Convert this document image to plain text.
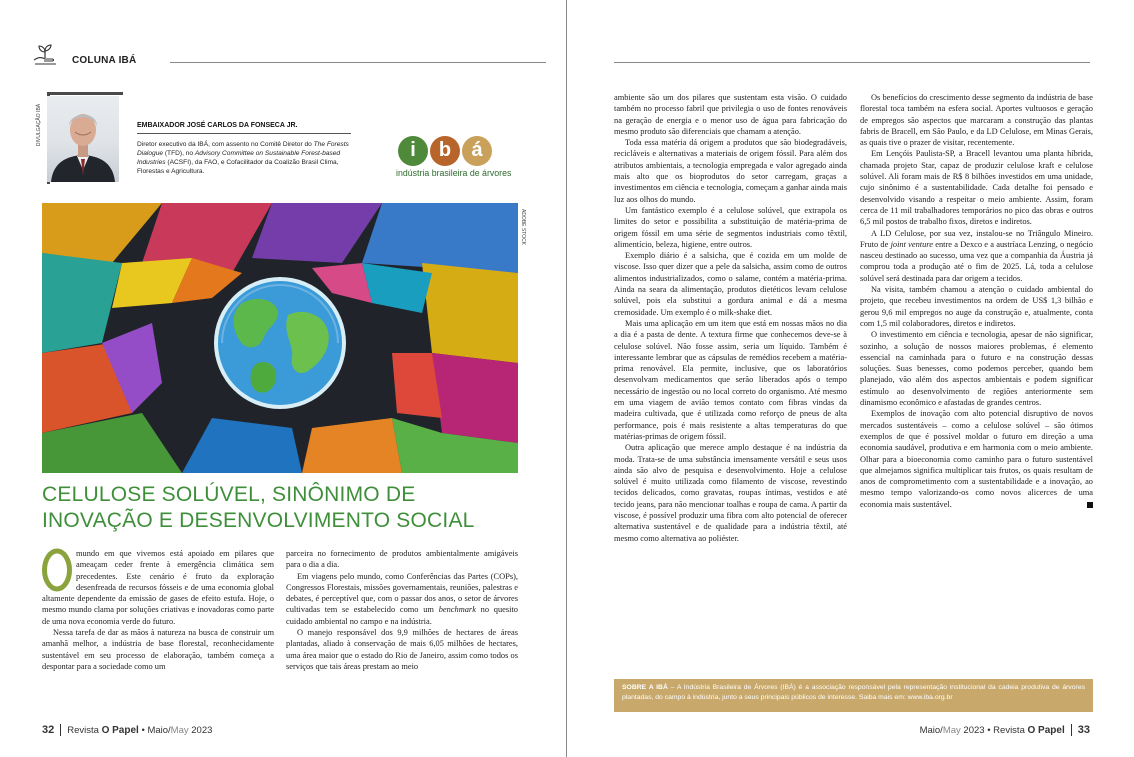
COLUNA IBÁ
DIVULGAÇÃO IBÁ	EMBAIXADOR JOSÉ CARLOS DA FONSECA JR.
Diretor executivo da IBÁ, com assento no Comitê Diretor do The Forests Dialogue (TFD), no Advisory Committee on Sustainable Forest-based Industries (ACSFI), da FAO, e Cofacilitador da Coalizão Brasil Clima, Florestas e Agricultura.
i	b	á
indústria brasileira de árvores
ADOBE STOCK
CELULOSE SOLÚVEL, SINÔNIMO DE INOVAÇÃO E DESENVOLVIMENTO SOCIAL

mundo em que vivemos está apoiado em pilares que ameaçam ceder frente à emergência climática sem precedentes. Este cenário é fruto da exploração desenfreada de recursos fósseis e de uma economia global altamente dependente da emissão de gases de efeito estufa. Hoje, o mesmo mundo clama por soluções criativas e inovadoras como parte de uma nova economia verde do futuro.

Nessa tarefa de dar as mãos à natureza na busca de construir um amanhã melhor, a indústria de base florestal, reconhecidamente sustentável em seu processo de elaboração, também começa a despontar para a sociedade como um

parceira no fornecimento de produtos ambientalmente amigáveis para o dia a dia.

Em viagens pelo mundo, como Conferências das Partes (COPs), Congressos Florestais, missões governamentais, reuniões, palestras e debates, é perceptível que, com o passar dos anos, o setor de árvores cultivadas tem se estabelecido como um benchmark no quesito cuidado ambiental no campo e na indústria.

O manejo responsável dos 9,9 milhões de hectares de áreas plantadas, aliado à conservação de mais 6,05 milhões de hectares, uma área maior que o estado do Rio de Janeiro, assim como todos os serviços que tais áreas prestam ao meio

ambiente são um dos pilares que sustentam esta visão. O cuidado também no processo fabril que privilegia o uso de fontes renováveis na geração de energia e o menor uso de água para fabricação do mesmo produto são diferenciais que chamam a atenção.

Toda essa matéria dá origem a produtos que são biodegradáveis, recicláveis e alternativas a materiais de origem fóssil. Para além dos atributos ambientais, a tecnologia empregada e valor agregado ainda mais alto que os bioprodutos do setor carregam, graças a investimentos em ciência e tecnologia, começam a ganhar ainda mais luz aos olhos do mundo.

Um fantástico exemplo é a celulose solúvel, que extrapola os limites do setor e possibilita a substituição de matéria-prima de origem fóssil em uma série de segmentos industriais como têxtil, alimentício, beleza, higiene, entre outros.

Exemplo diário é a salsicha, que é cozida em um molde de viscose. Isso quer dizer que a pele da salsicha, assim como de outros alimentos industrializados, como o salame, contém a matéria-prima. Ainda na seara da alimentação, produtos dietéticos levam celulose solúvel, pois ela substitui a gordura animal e dá a mesma cremosidade. Um exemplo é o milk-shake diet.

Mais uma aplicação em um item que está em nossas mãos no dia a dia é a pasta de dente. A textura firme que conhecemos deve-se à celulose solúvel. Não fosse assim, seria um líquido. Também é interessante lembrar que as cápsulas de remédios recebem a matéria-prima renovável. Ela permite, inclusive, que os laboratórios desenvolvam medicamentos que serão liberados após o tempo necessário de ingestão ou no local correto do organismo. Até mesmo em uma viagem de avião temos contato com fibras vindas da madeira cultivada, que é utilizada como reforço de pneus de alta performance, pois é mais resistente a altas temperaturas do que matérias-primas de origem fóssil.

Outra aplicação que merece amplo destaque é na indústria da moda. Trata-se de uma substância imensamente versátil e seus usos ainda são alvo de pesquisa e desenvolvimento. Hoje a celulose solúvel é muito utilizada como filamento de viscose, revestindo tecidos delicados, como gravatas, roupas íntimas, vestidos e até tecido jeans, para não mencionar toalhas e roupa de cama. A partir da viscose, é possível produzir uma fibra com alto potencial de oferecer alternativa sustentável e de qualidade para a indústria têxtil, até mesmo como alternativa ao poliéster.

Os benefícios do crescimento desse segmento da indústria de base florestal toca também na esfera social. Aportes vultuosos e geração de empregos são aspectos que marcaram a construção das plantas fabris de Bracell, em São Paulo, e da LD Celulose, em Minas Gerais, as quais tive o prazer de visitar, recentemente.

Em Lençóis Paulista-SP, a Bracell levantou uma planta híbrida, chamada projeto Star, capaz de produzir celulose kraft e celulose solúvel. Ali foram mais de R$ 8 bilhões investidos em uma unidade, cujo sinônimo é a sustentabilidade. Cada detalhe foi pensado e desenvolvido visando a respeitar o meio ambiente. Assim, foram cerca de 11 mil trabalhadores temporários no pico das obras e outros 6,5 mil postos de trabalho fixos, diretos e indiretos.

A LD Celulose, por sua vez, instalou-se no Triângulo Mineiro. Fruto de joint venture entre a Dexco e a austríaca Lenzing, o negócio nasceu destinado ao sucesso, uma vez que a companhia da Áustria já comprou toda a produção até o fim de 2025. Lá, toda a celulose solúvel será destinada para dar origem a tecidos.

Na visita, também chamou a atenção o cuidado ambiental do projeto, que recebeu investimentos na ordem de US$ 1,3 bilhão e gerou 9,6 mil empregos no auge da construção e, atualmente, conta com 1,5 mil colaboradores, diretos e indiretos.

O investimento em ciência e tecnologia, apesar de não significar, sozinho, a solução de nossos maiores problemas, é elemento essencial na caminhada para o futuro e na construção dessas soluções. Suas benesses, como podemos perceber, quando bem planejado, vão além dos aspectos ambientais e podem significar estímulo ao desenvolvimento de regiões anteriormente sem dinamismo econômico e afastadas de grandes centros.

Exemplos de inovação com alto potencial disruptivo de novos mercados sustentáveis – como a celulose solúvel – são ótimos exemplos de que é possível moldar o futuro em direção a uma economia saudável, produtiva e em harmonia com o meio ambiente. Olhar para a bioeconomia como caminho para o futuro sustentável que almejamos significa multiplicar tais frutos, os quais resultam de anos de comprometimento com a sustentabilidade e a inovação, ao mesmo tempo valorizando-os como novos alicerces de uma economia mais sustentável.

SOBRE A IBÁ – A Indústria Brasileira de Árvores (IBÁ) é a associação responsável pela representação institucional da cadeia produtiva de árvores plantadas, do campo à indústria, junto a seus principais públicos de interesse. Saiba mais em: www.iba.org.br
32 Revista O Papel • Maio/May 2023	Maio/May 2023 • Revista O Papel 33
